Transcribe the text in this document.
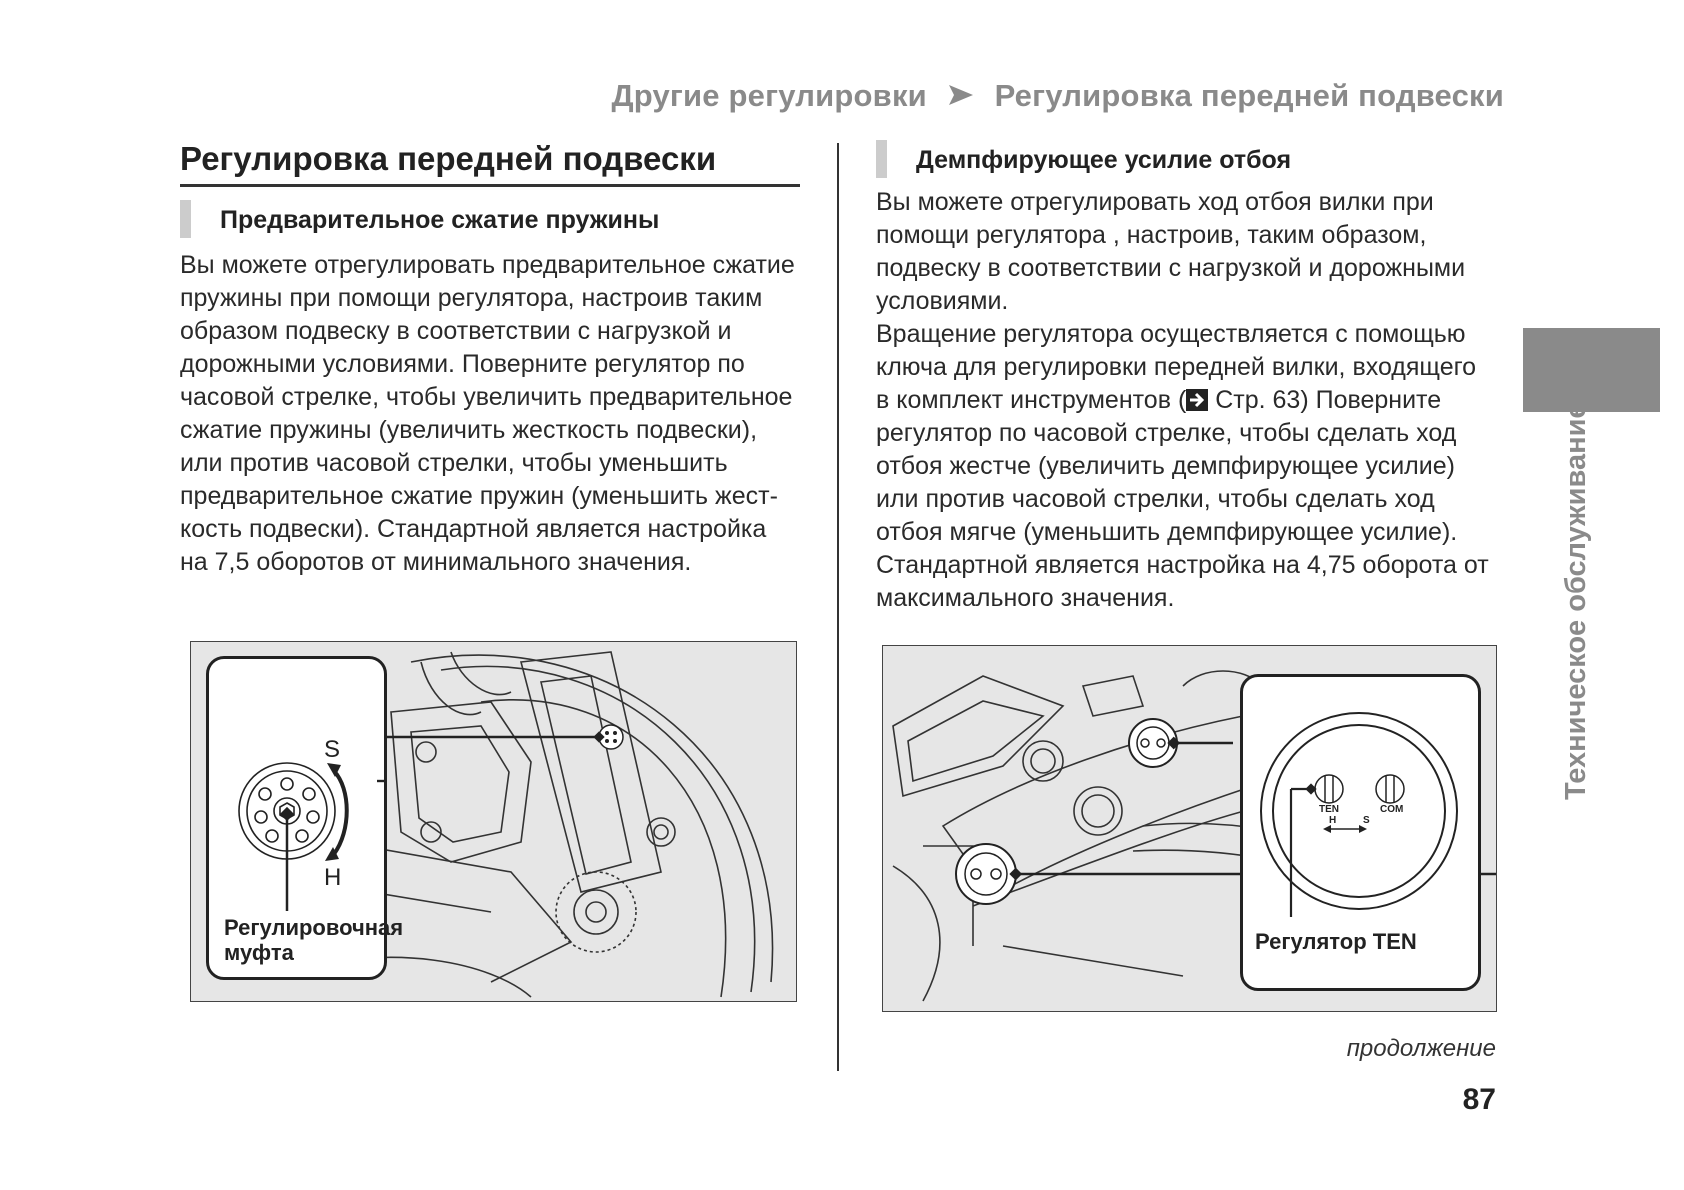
Другие регулировки Регулировка передней подвески
Регулировка передней подвески
Предварительное сжатие пружины
Вы можете отрегулировать предварительное сжатие
пружины при помощи регулятора, настроив таким
образом подвеску в соответствии с нагрузкой и
дорожными условиями. Поверните регулятор по
часовой стрелке, чтобы увеличить предварительное
сжатие пружины (увеличить жесткость подвески),
или против часовой стрелки, чтобы уменьшить
предварительное сжатие пружин (уменьшить жест-
кость подвески). Стандартной является настройка
на 7,5 оборотов от минимального значения.
S
H
Регулировочная
муфта
Демпфирующее усилие отбоя
Вы можете отрегулировать ход отбоя вилки при
помощи регулятора , настроив, таким образом,
подвеску в соответствии с нагрузкой и дорожными
условиями.
Вращение регулятора осуществляется с помощью
ключа для регулировки передней вилки, входящего
в комплект инструментов ( Стр. 63) Поверните
регулятор по часовой стрелке, чтобы сделать ход
отбоя жестче (увеличить демпфирующее усилие)
или против часовой стрелки, чтобы сделать ход
отбоя мягче (уменьшить демпфирующее усилие).
Стандартной является настройка на 4,75 оборота от
максимального значения.
TEN	COM
H	S
Регулятор TEN
Техническое обслуживание
продолжение
87
